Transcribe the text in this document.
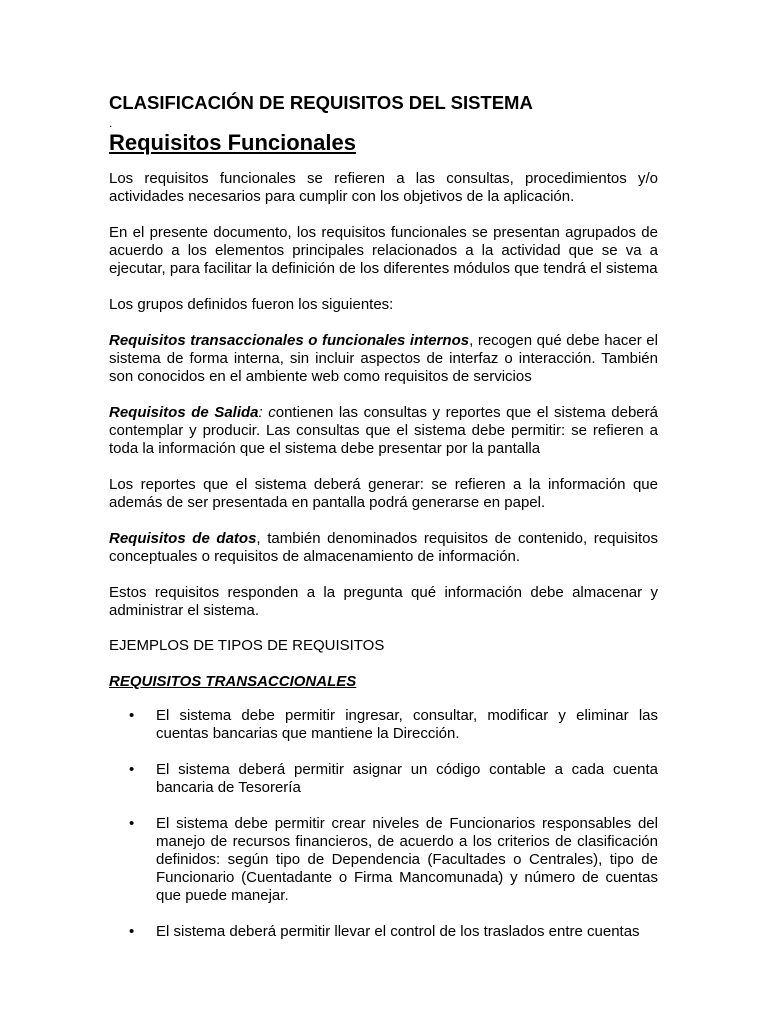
CLASIFICACIÓN DE REQUISITOS DEL SISTEMA
.
Requisitos Funcionales

Los requisitos funcionales se refieren a las consultas, procedimientos y/o actividades necesarios para cumplir con los objetivos de la aplicación.

En el presente documento, los requisitos funcionales se presentan agrupados de acuerdo a los elementos principales relacionados a la actividad que se va a ejecutar, para facilitar la definición de los diferentes módulos que tendrá el sistema

Los grupos definidos fueron los siguientes:

Requisitos transaccionales o funcionales internos, recogen qué debe hacer el sistema de forma interna, sin incluir aspectos de interfaz o interacción. También son conocidos en el ambiente web como requisitos de servicios

Requisitos de Salida: contienen las consultas y reportes que el sistema deberá contemplar y producir. Las consultas que el sistema debe permitir: se refieren a toda la información que el sistema debe presentar por la pantalla

Los reportes que el sistema deberá generar: se refieren a la información que además de ser presentada en pantalla podrá generarse en papel.

Requisitos de datos, también denominados requisitos de contenido, requisitos conceptuales o requisitos de almacenamiento de información.

Estos requisitos responden a la pregunta qué información debe almacenar y administrar el sistema.

EJEMPLOS DE TIPOS DE REQUISITOS

REQUISITOS TRANSACCIONALES

• El sistema debe permitir ingresar, consultar, modificar y eliminar las cuentas bancarias que mantiene la Dirección.
• El sistema deberá permitir asignar un código contable a cada cuenta bancaria de Tesorería
• El sistema debe permitir crear niveles de Funcionarios responsables del manejo de recursos financieros, de acuerdo a los criterios de clasificación definidos: según tipo de Dependencia (Facultades o Centrales), tipo de Funcionario (Cuentadante o Firma Mancomunada) y número de cuentas que puede manejar.
• El sistema deberá permitir llevar el control de los traslados entre cuentas
